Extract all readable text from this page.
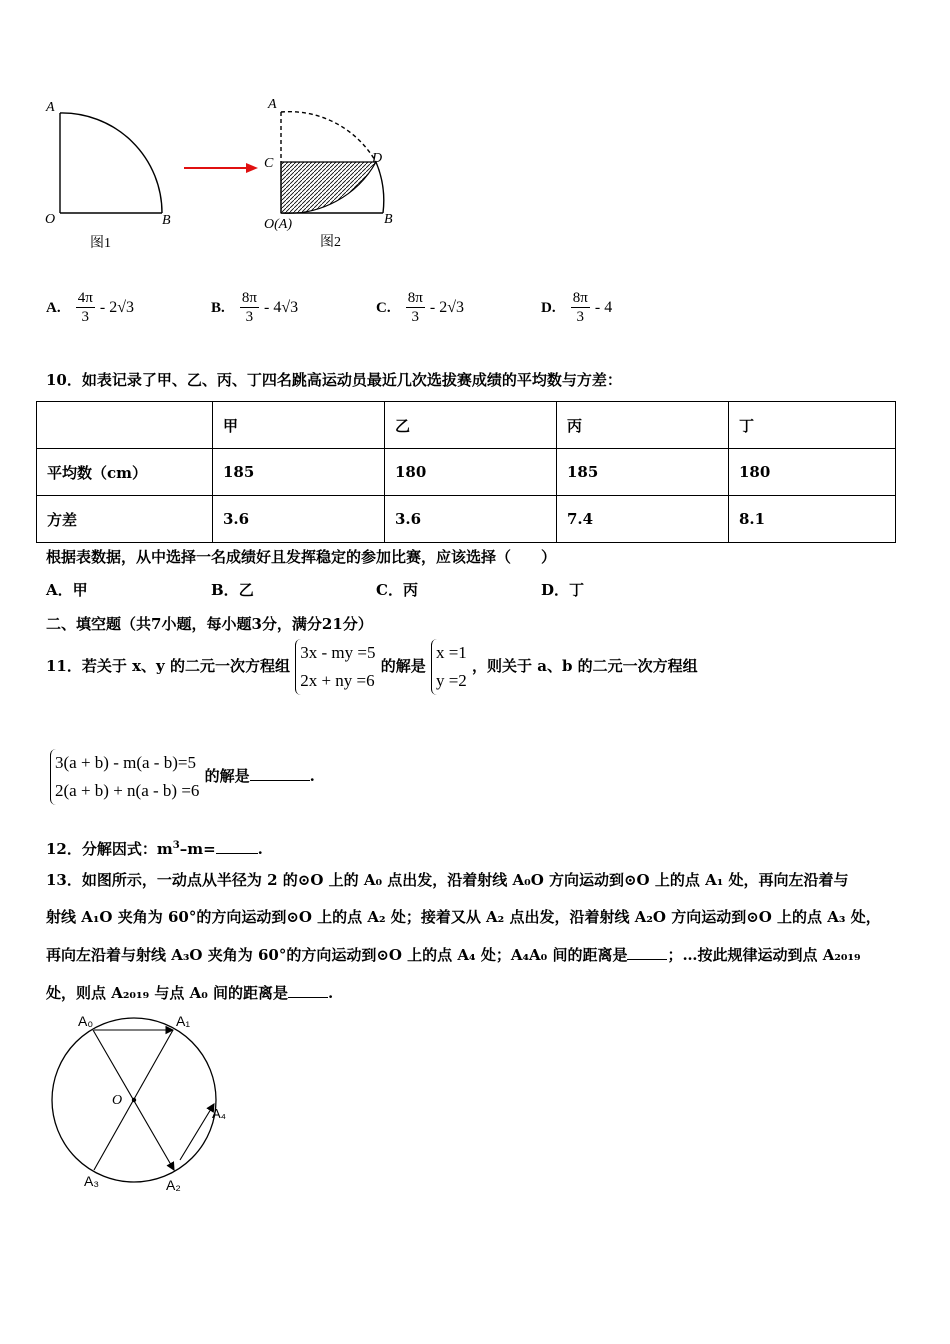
A
O	B
图1
A
C	D
O(A)	B
图2
A. $\frac{4\pi}{3} - 2√3$	B. $\frac{8\pi}{3} - 4√3$	C. $\frac{8\pi}{3} - 2√3$	D. $\frac{8\pi}{3} - 4$
10．如表记录了甲、乙、丙、丁四名跳高运动员最近几次选拔赛成绩的平均数与方差：
	甲	乙	丙	丁
平均数（cm）	185	180	185	180
方差	3.6	3.6	7.4	8.1
根据表数据，从中选择一名成绩好且发挥稳定的参加比赛，应该选择（　　）
A．甲	B．乙	C．丙	D．丁
二、填空题（共7小题，每小题3分，满分21分）
11．若关于 x、y 的二元一次方程组
3x - my =5
2x + ny =6
的解是
x =1
y =2
，则关于 a、b 的二元一次方程组
3(a + b) - m(a - b)=5
2(a + b) + n(a - b) =6
的解是	.
12．分解因式：$m^3-m=$	.
13．如图所示，一动点从半径为 2 的⊙O 上的 A₀ 点出发，沿着射线 A₀O 方向运动到⊙O 上的点 A₁ 处，再向左沿着与
射线 A₁O 夹角为 60°的方向运动到⊙O 上的点 A₂ 处；接着又从 A₂ 点出发，沿着射线 A₂O 方向运动到⊙O 上的点 A₃ 处，
再向左沿着与射线 A₃O 夹角为 60°的方向运动到⊙O 上的点 A₄ 处；A₄A₀ 间的距离是	；…按此规律运动到点 A₂₀₁₉
处，则点 A₂₀₁₉ 与点 A₀ 间的距离是	.
O
A₀	A₁
A₃	A₂
A₄
